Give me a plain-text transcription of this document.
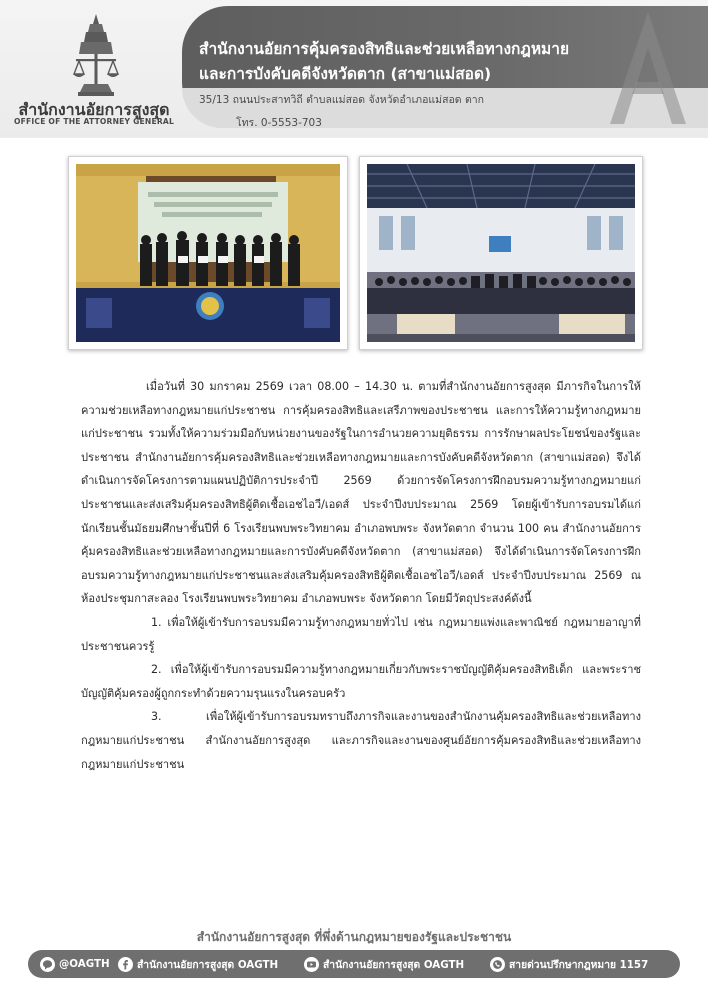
สำนักงานอัยการสูงสุด
OFFICE OF THE ATTORNEY GENERAL
สำนักงานอัยการคุ้มครองสิทธิและช่วยเหลือทางกฎหมาย
และการบังคับคดีจังหวัดตาก (สาขาแม่สอด)
35/13 ถนนประสาทวิถี ตำบลแม่สอด จังหวัดอำเภอแม่สอด ตาก
โทร. 0-5553-703

เมื่อวันที่ 30 มกราคม 2569 เวลา 08.00 – 14.30 น. ตามที่สำนักงานอัยการสูงสุด มีภารกิจในการให้ความช่วยเหลือทางกฎหมายแก่ประชาชน การคุ้มครองสิทธิและเสรีภาพของประชาชน และการให้ความรู้ทางกฎหมายแก่ประชาชน รวมทั้งให้ความร่วมมือกับหน่วยงานของรัฐในการอำนวยความยุติธรรม การรักษาผลประโยชน์ของรัฐและประชาชน สำนักงานอัยการคุ้มครองสิทธิและช่วยเหลือทางกฎหมายและการบังคับคดีจังหวัดตาก (สาขาแม่สอด) จึงได้ดำเนินการจัดโครงการตามแผนปฏิบัติการประจำปี 2569 ด้วยการจัดโครงการฝึกอบรมความรู้ทางกฎหมายแก่ประชาชนและส่งเสริมคุ้มครองสิทธิผู้ติดเชื้อเอชไอวี/เอดส์ ประจำปีงบประมาณ 2569 โดยผู้เข้ารับการอบรมได้แก่ นักเรียนชั้นมัธยมศึกษาชั้นปีที่ 6 โรงเรียนพบพระวิทยาคม อำเภอพบพระ จังหวัดตาก จำนวน 100 คน สำนักงานอัยการคุ้มครองสิทธิและช่วยเหลือทางกฎหมายและการบังคับคดีจังหวัดตาก (สาขาแม่สอด) จึงได้ดำเนินการจัดโครงการฝึกอบรมความรู้ทางกฎหมายแก่ประชาชนและส่งเสริมคุ้มครองสิทธิผู้ติดเชื้อเอชไอวี/เอดส์ ประจำปีงบประมาณ 2569 ณ ห้องประชุมกาสะลอง โรงเรียนพบพระวิทยาคม อำเภอพบพระ จังหวัดตาก โดยมีวัตถุประสงค์ดังนี้

1. เพื่อให้ผู้เข้ารับการอบรมมีความรู้ทางกฎหมายทั่วไป เช่น กฎหมายแพ่งและพาณิชย์ กฎหมายอาญาที่ประชาชนควรรู้

2. เพื่อให้ผู้เข้ารับการอบรมมีความรู้ทางกฎหมายเกี่ยวกับพระราชบัญญัติคุ้มครองสิทธิเด็ก และพระราชบัญญัติคุ้มครองผู้ถูกกระทำด้วยความรุนแรงในครอบครัว

3. เพื่อให้ผู้เข้ารับการอบรมทราบถึงภารกิจและงานของสำนักงานคุ้มครองสิทธิและช่วยเหลือทางกฎหมายแก่ประชาชน สำนักงานอัยการสูงสุด และภารกิจและงานของศูนย์อัยการคุ้มครองสิทธิและช่วยเหลือทางกฎหมายแก่ประชาชน

สำนักงานอัยการสูงสุด ที่พึ่งด้านกฎหมายของรัฐและประชาชน
@OAGTH	สำนักงานอัยการสูงสุด OAGTH	สำนักงานอัยการสูงสุด OAGTH	สายด่วนปรึกษากฎหมาย 1157
